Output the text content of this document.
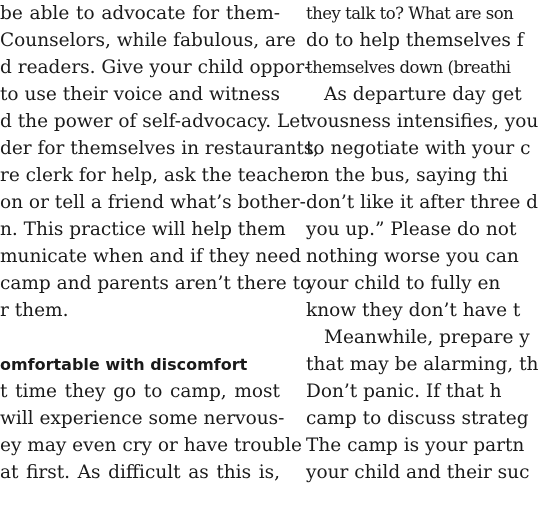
be able to advocate for them-
Counselors, while fabulous, are
d readers. Give your child oppor-
to use their voice and witness
d the power of self-advocacy. Let
der for themselves in restaurants,
re clerk for help, ask the teacher
on or tell a friend what’s bother-
n. This practice will help them
municate when and if they need
camp and parents aren’t there to
r them.
omfortable with discomfort
t time they go to camp, most
will experience some nervous-
ey may even cry or have trouble
at first. As difficult as this is,
they talk to? What are son
do to help themselves f
themselves down (breathi
As departure day get
vousness intensifies, you
to negotiate with your c
on the bus, saying thi
don’t like it after three d
you up.” Please do not
nothing worse you can
your child to fully en
know they don’t have t
Meanwhile, prepare y
that may be alarming, th
Don’t panic. If that h
camp to discuss strateg
The camp is your partn
your child and their suc
